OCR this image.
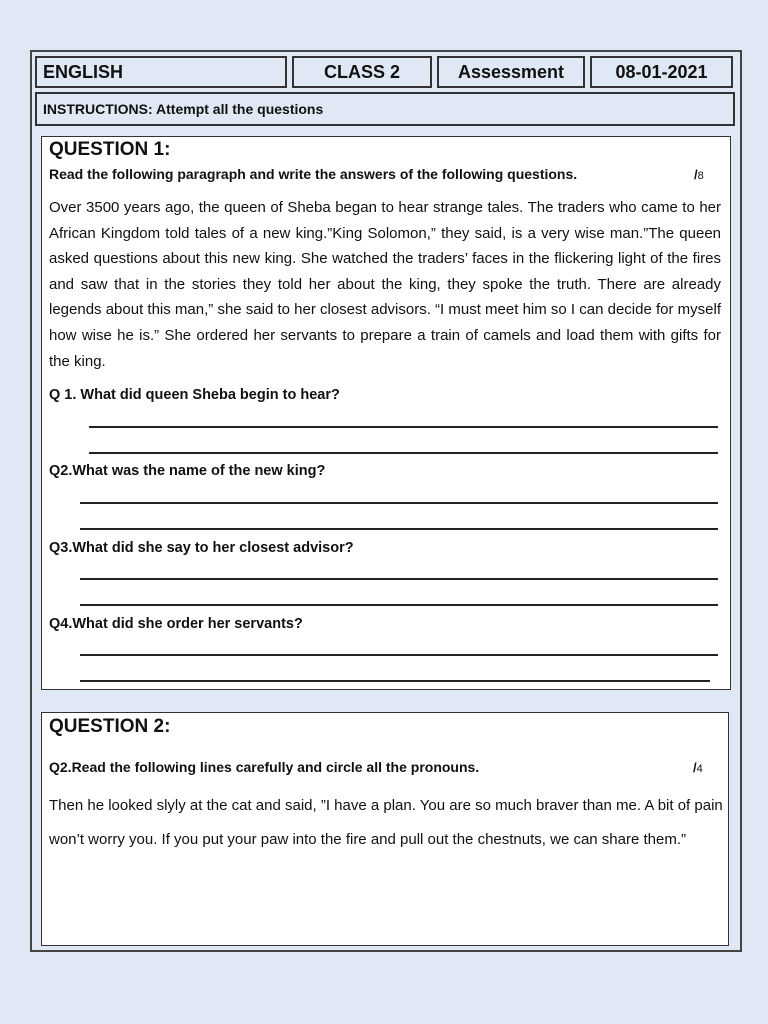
ENGLISH	CLASS 2	Assessment	08-01-2021
INSTRUCTIONS: Attempt all the questions
QUESTION 1:
Read the following paragraph and write the answers of the following questions.	/8
Over 3500 years ago, the queen of Sheba began to hear strange tales. The traders who came to her African Kingdom told tales of a new king.”King Solomon,” they said, is a very wise man.”The queen asked questions about this new king. She watched the traders’ faces in the flickering light of the fires and saw that in the stories they told her about the king, they spoke the truth. There are already legends about this man,” she said to her closest advisors. “I must meet him so I can decide for myself how wise he is.” She ordered her servants to prepare a train of camels and load them with gifts for the king.
Q 1. What did queen Sheba begin to hear?
Q2.What was the name of the new king?
Q3.What did she say to her closest advisor?
Q4.What did she order her servants?
QUESTION 2:
Q2.Read the following lines carefully and circle all the pronouns.	/4
Then he looked slyly at the cat and said, ”I have a plan. You are so much braver than me. A bit of pain won’t worry you. If you put your paw into the fire and pull out the chestnuts, we can share them.”
